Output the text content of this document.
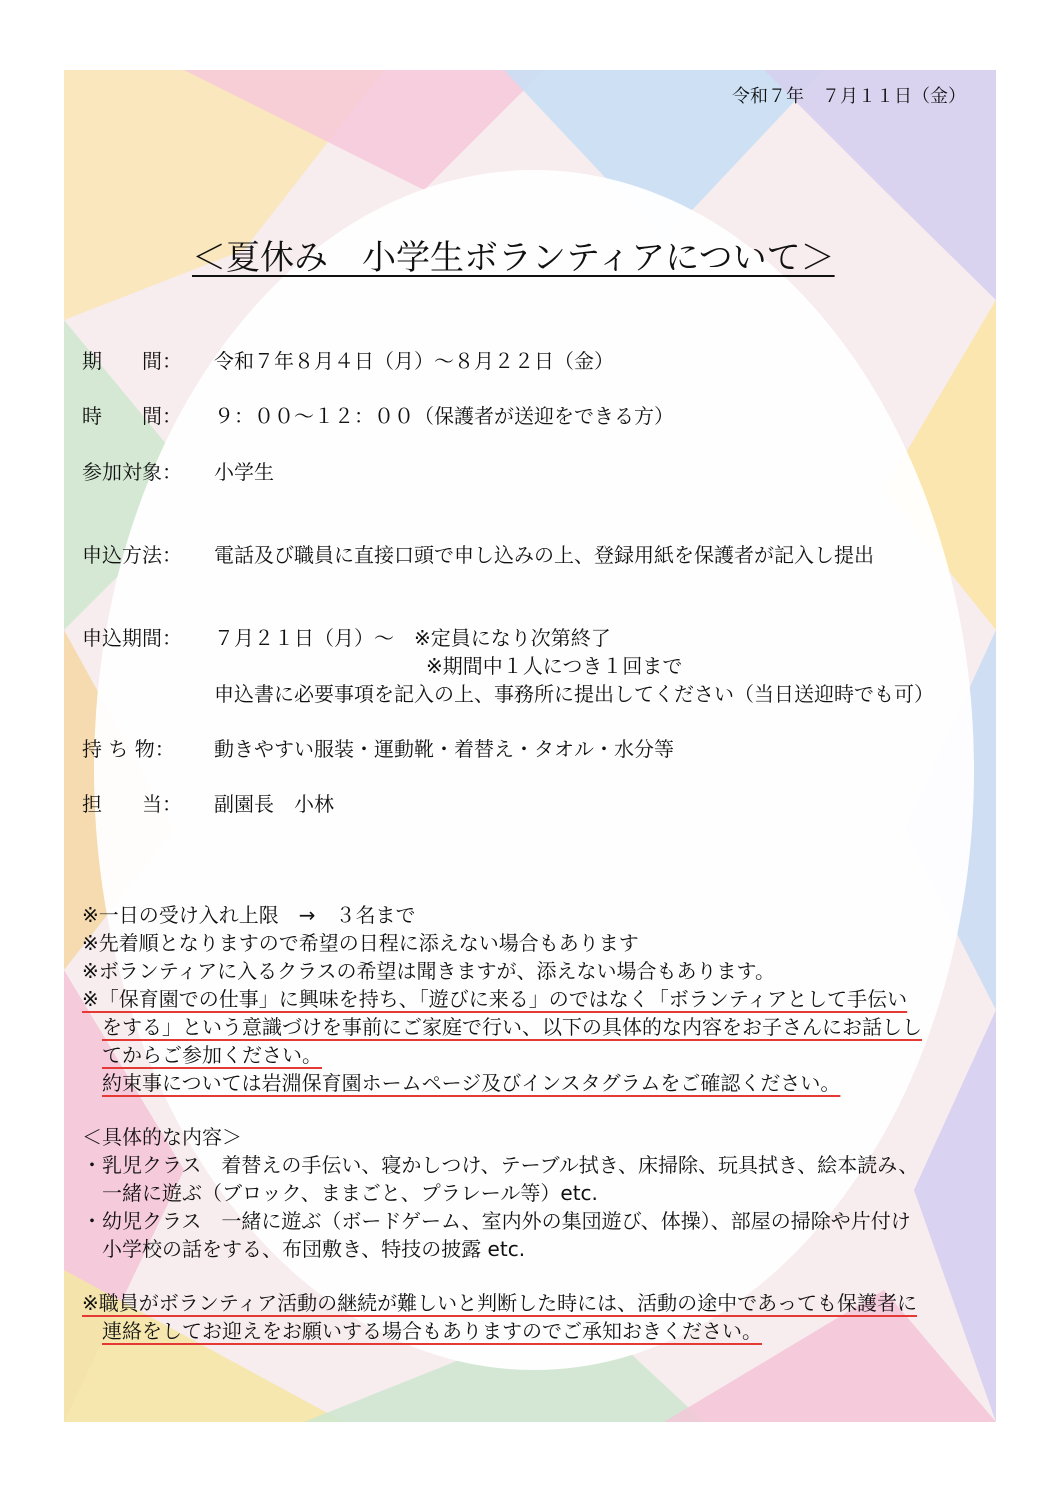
令和７年　７月１１日（金）
＜夏休み　小学生ボランティアについて＞
期　　間： 令和７年８月４日（月）～８月２２日（金）
時　　間： ９：００～１２：００（保護者が送迎をできる方）
参加対象： 小学生
申込方法： 電話及び職員に直接口頭で申し込みの上、登録用紙を保護者が記入し提出
申込期間： ７月２１日（月）～　※定員になり次第終了
※期間中１人につき１回まで
申込書に必要事項を記入の上、事務所に提出してください（当日送迎時でも可）
持 ち 物： 動きやすい服装・運動靴・着替え・タオル・水分等
担　　当： 副園長　小林
※一日の受け入れ上限　→　３名まで
※先着順となりますので希望の日程に添えない場合もあります
※ボランティアに入るクラスの希望は聞きますが、添えない場合もあります。
※「保育園での仕事」に興味を持ち、「遊びに来る」のではなく「ボランティアとして手伝い
をする」という意識づけを事前にご家庭で行い、以下の具体的な内容をお子さんにお話しし
てからご参加ください。
約束事については岩淵保育園ホームページ及びインスタグラムをご確認ください。
＜具体的な内容＞
・乳児クラス　着替えの手伝い、寝かしつけ、テーブル拭き、床掃除、玩具拭き、絵本読み、
一緒に遊ぶ（ブロック、ままごと、プラレール等）etc.
・幼児クラス　一緒に遊ぶ（ボードゲーム、室内外の集団遊び、体操）、部屋の掃除や片付け
小学校の話をする、布団敷き、特技の披露 etc.
※職員がボランティア活動の継続が難しいと判断した時には、活動の途中であっても保護者に
連絡をしてお迎えをお願いする場合もありますのでご承知おきください。
